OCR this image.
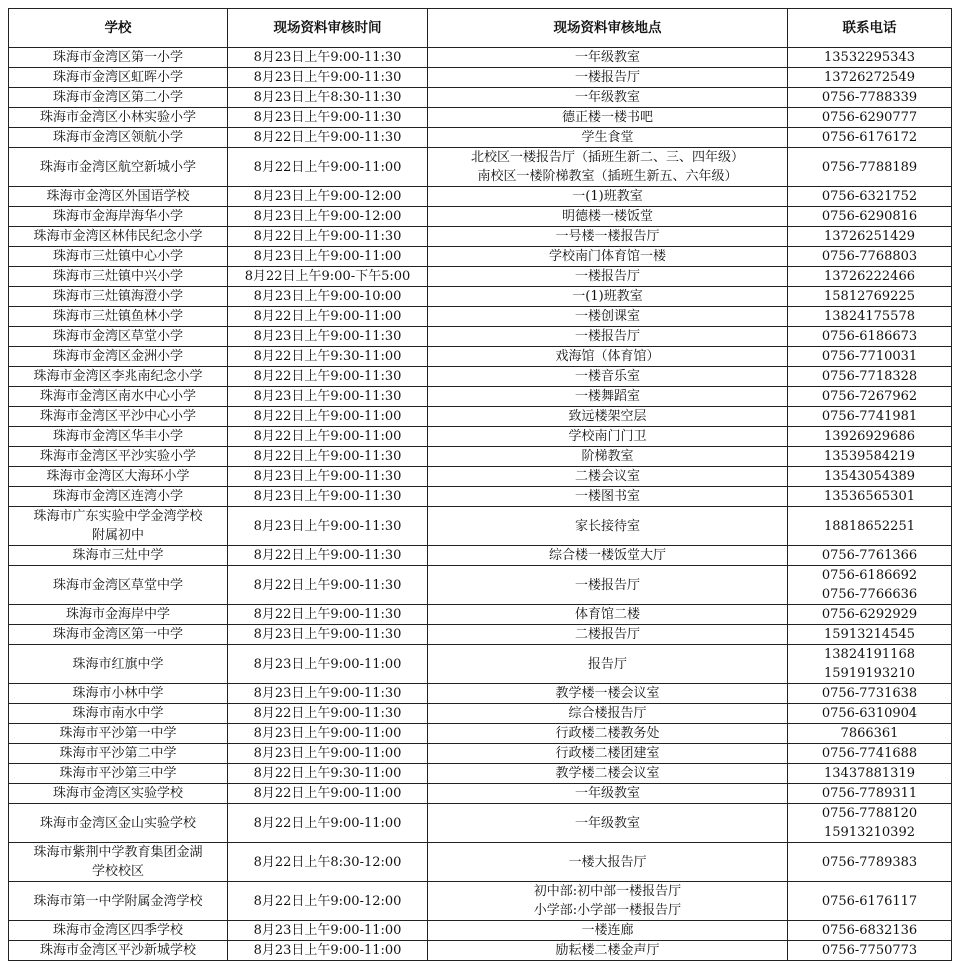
学校	现场资料审核时间	现场资料审核地点	联系电话

珠海市金湾区第一小学	8月23日上午9:00-11:30	一年级教室	13532295343

珠海市金湾区虹晖小学	8月23日上午9:00-11:30	一楼报告厅	13726272549

珠海市金湾区第二小学	8月23日上午8:30-11:30	一年级教室	0756-7788339

珠海市金湾区小林实验小学	8月23日上午9:00-11:30	德正楼一楼书吧	0756-6290777

珠海市金湾区领航小学	8月22日上午9:00-11:30	学生食堂	0756-6176172

珠海市金湾区航空新城小学	8月22日上午9:00-11:00	北校区一楼报告厅（插班生新二、三、四年级）
南校区一楼阶梯教室（插班生新五、六年级）	0756-7788189

珠海市金湾区外国语学校	8月23日上午9:00-12:00	一(1)班教室	0756-6321752

珠海市金海岸海华小学	8月23日上午9:00-12:00	明德楼一楼饭堂	0756-6290816

珠海市金湾区林伟民纪念小学	8月22日上午9:00-11:30	一号楼一楼报告厅	13726251429

珠海市三灶镇中心小学	8月23日上午9:00-11:00	学校南门体育馆一楼	0756-7768803

珠海市三灶镇中兴小学	8月22日上午9:00-下午5:00	一楼报告厅	13726222466

珠海市三灶镇海澄小学	8月23日上午9:00-10:00	一(1)班教室	15812769225

珠海市三灶镇鱼林小学	8月22日上午9:00-11:00	一楼创课室	13824175578

珠海市金湾区草堂小学	8月23日上午9:00-11:30	一楼报告厅	0756-6186673

珠海市金湾区金洲小学	8月22日上午9:30-11:00	戏海馆（体育馆）	0756-7710031

珠海市金湾区李兆南纪念小学	8月22日上午9:00-11:30	一楼音乐室	0756-7718328

珠海市金湾区南水中心小学	8月23日上午9:00-11:30	一楼舞蹈室	0756-7267962

珠海市金湾区平沙中心小学	8月22日上午9:00-11:00	致远楼架空层	0756-7741981

珠海市金湾区华丰小学	8月22日上午9:00-11:00	学校南门门卫	13926929686

珠海市金湾区平沙实验小学	8月22日上午9:00-11:30	阶梯教室	13539584219

珠海市金湾区大海环小学	8月23日上午9:00-11:30	二楼会议室	13543054389

珠海市金湾区连湾小学	8月23日上午9:00-11:30	一楼图书室	13536565301

珠海市广东实验中学金湾学校
附属初中	8月23日上午9:00-11:30	家长接待室	18818652251

珠海市三灶中学	8月22日上午9:00-11:30	综合楼一楼饭堂大厅	0756-7761366

珠海市金湾区草堂中学	8月22日上午9:00-11:30	一楼报告厅	0756-6186692
0756-7766636

珠海市金海岸中学	8月22日上午9:00-11:30	体育馆二楼	0756-6292929

珠海市金湾区第一中学	8月23日上午9:00-11:30	二楼报告厅	15913214545

珠海市红旗中学	8月23日上午9:00-11:00	报告厅	13824191168
15919193210

珠海市小林中学	8月23日上午9:00-11:30	教学楼一楼会议室	0756-7731638

珠海市南水中学	8月22日上午9:00-11:30	综合楼报告厅	0756-6310904

珠海市平沙第一中学	8月23日上午9:00-11:00	行政楼二楼教务处	7866361

珠海市平沙第二中学	8月23日上午9:00-11:00	行政楼二楼团建室	0756-7741688

珠海市平沙第三中学	8月22日上午9:30-11:00	教学楼二楼会议室	13437881319

珠海市金湾区实验学校	8月22日上午9:00-11:00	一年级教室	0756-7789311

珠海市金湾区金山实验学校	8月22日上午9:00-11:00	一年级教室	0756-7788120
15913210392

珠海市紫荆中学教育集团金湖
学校校区	8月22日上午8:30-12:00	一楼大报告厅	0756-7789383

珠海市第一中学附属金湾学校	8月22日上午9:00-12:00	初中部:初中部一楼报告厅
小学部:小学部一楼报告厅	0756-6176117

珠海市金湾区四季学校	8月23日上午9:00-11:00	一楼连廊	0756-6832136

珠海市金湾区平沙新城学校	8月23日上午9:00-11:00	励耘楼二楼金声厅	0756-7750773
